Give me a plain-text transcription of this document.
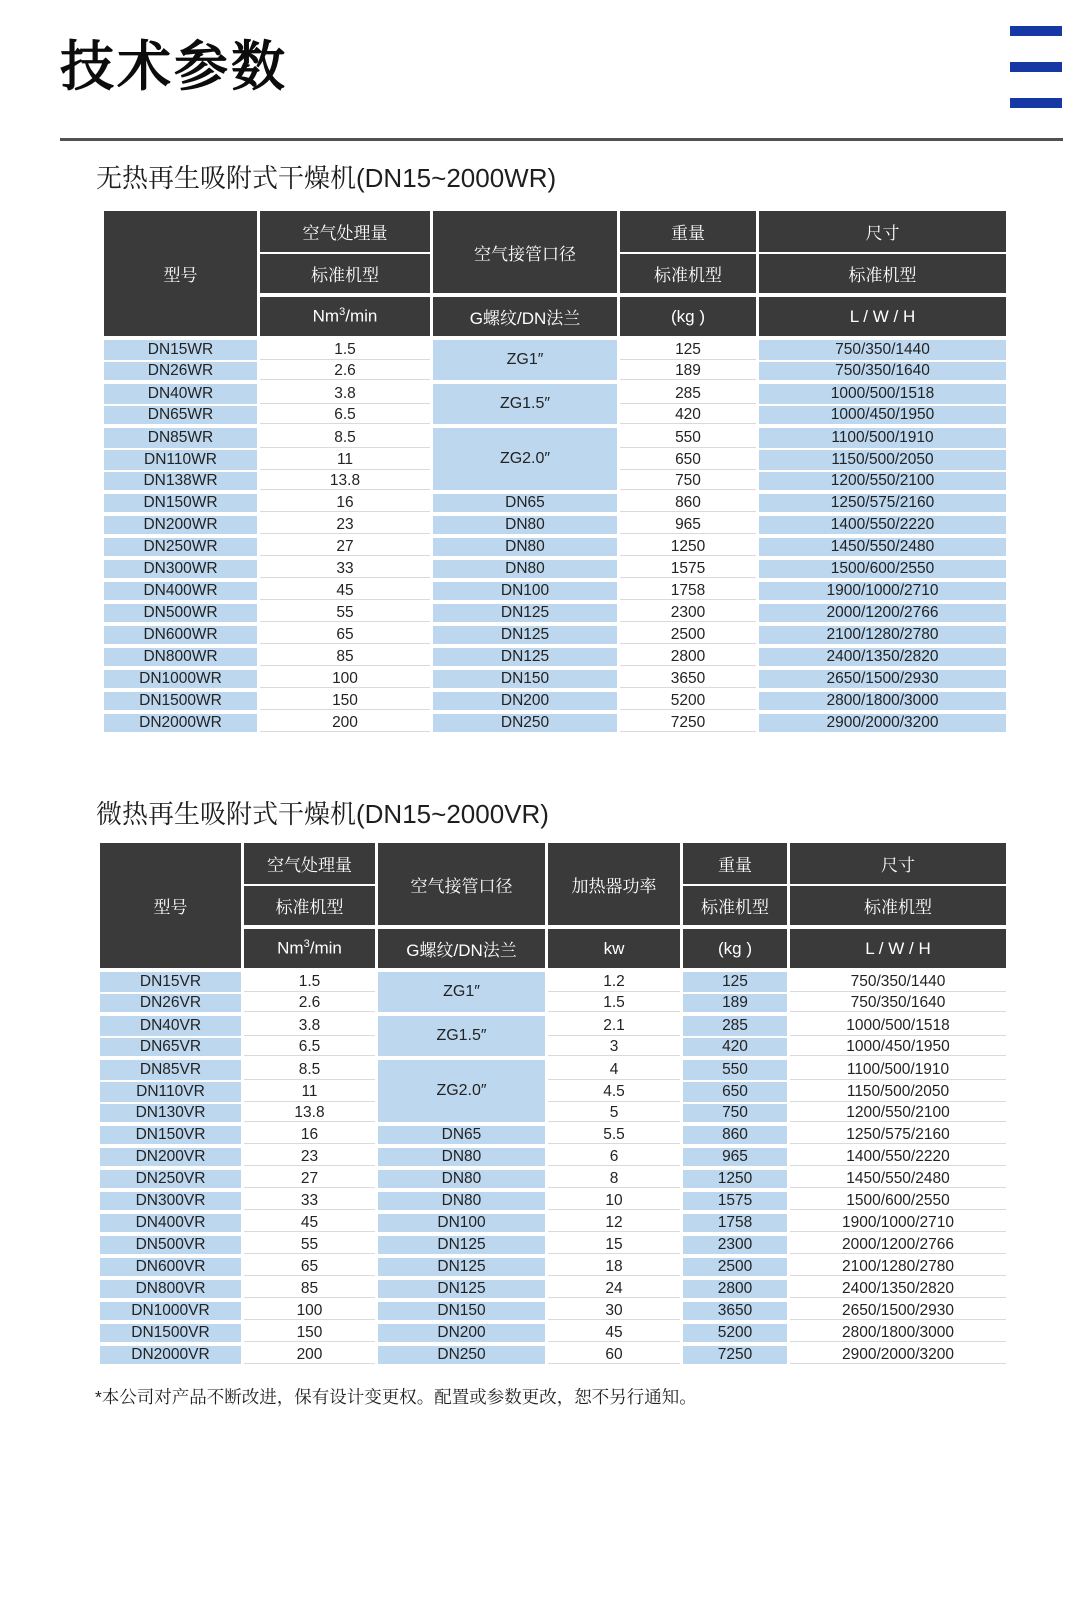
技术参数
无热再生吸附式干燥机(DN15~2000WR)
型号	空气处理量	空气接管口径	重量	尺寸
	标准机型		标准机型	标准机型
	Nm$^3$/min	G螺纹/DN法兰	(kg )	L / W / H
DN15WR	1.5	ZG1″	125	750/350/1440
DN26WR	2.6		189	750/350/1640
DN40WR	3.8	ZG1.5″	285	1000/500/1518
DN65WR	6.5		420	1000/450/1950
DN85WR	8.5	ZG2.0″	550	1100/500/1910
DN110WR	11		650	1150/500/2050
DN138WR	13.8		750	1200/550/2100
DN150WR	16	DN65	860	1250/575/2160
DN200WR	23	DN80	965	1400/550/2220
DN250WR	27	DN80	1250	1450/550/2480
DN300WR	33	DN80	1575	1500/600/2550
DN400WR	45	DN100	1758	1900/1000/2710
DN500WR	55	DN125	2300	2000/1200/2766
DN600WR	65	DN125	2500	2100/1280/2780
DN800WR	85	DN125	2800	2400/1350/2820
DN1000WR	100	DN150	3650	2650/1500/2930
DN1500WR	150	DN200	5200	2800/1800/3000
DN2000WR	200	DN250	7250	2900/2000/3200
微热再生吸附式干燥机(DN15~2000VR)
型号	空气处理量	空气接管口径	加热器功率	重量	尺寸
	标准机型			标准机型	标准机型
	Nm$^3$/min	G螺纹/DN法兰	kw	(kg )	L / W / H
DN15VR	1.5	ZG1″	1.2	125	750/350/1440
DN26VR	2.6		1.5	189	750/350/1640
DN40VR	3.8	ZG1.5″	2.1	285	1000/500/1518
DN65VR	6.5		3	420	1000/450/1950
DN85VR	8.5	ZG2.0″	4	550	1100/500/1910
DN110VR	11		4.5	650	1150/500/2050
DN130VR	13.8		5	750	1200/550/2100
DN150VR	16	DN65	5.5	860	1250/575/2160
DN200VR	23	DN80	6	965	1400/550/2220
DN250VR	27	DN80	8	1250	1450/550/2480
DN300VR	33	DN80	10	1575	1500/600/2550
DN400VR	45	DN100	12	1758	1900/1000/2710
DN500VR	55	DN125	15	2300	2000/1200/2766
DN600VR	65	DN125	18	2500	2100/1280/2780
DN800VR	85	DN125	24	2800	2400/1350/2820
DN1000VR	100	DN150	30	3650	2650/1500/2930
DN1500VR	150	DN200	45	5200	2800/1800/3000
DN2000VR	200	DN250	60	7250	2900/2000/3200

*本公司对产品不断改进，保有设计变更权。配置或参数更改，恕不另行通知。
